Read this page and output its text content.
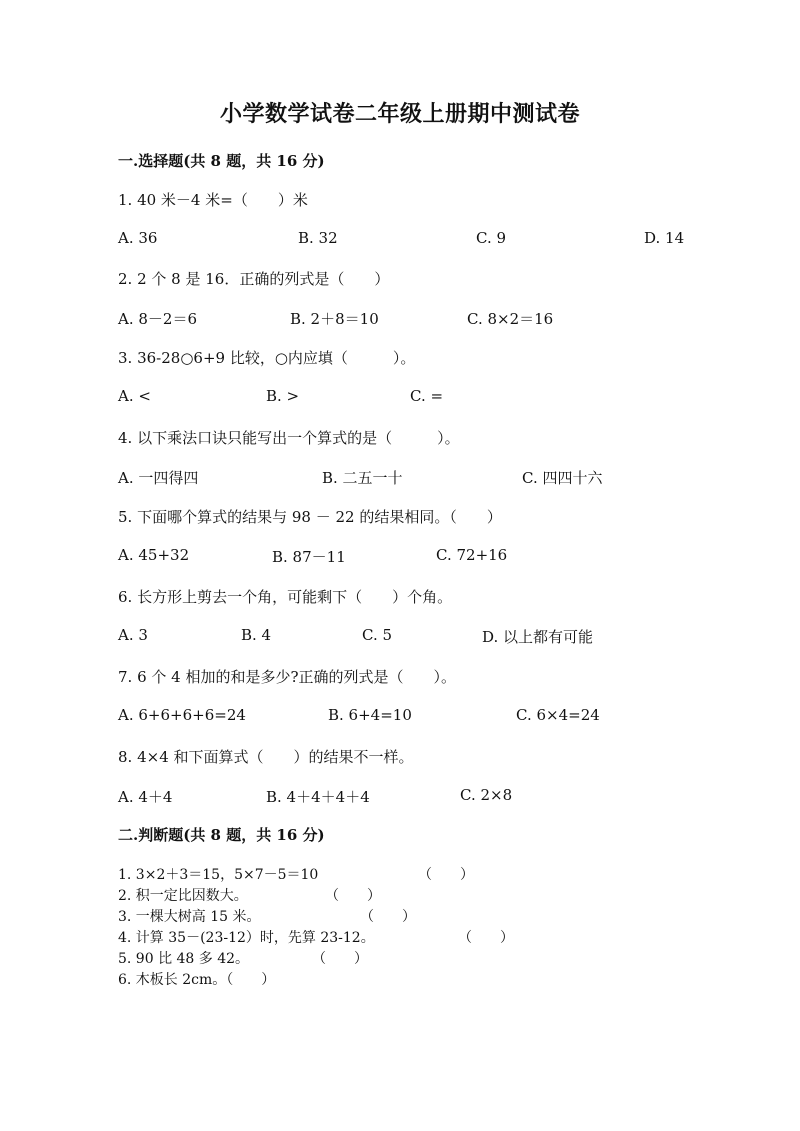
小学数学试卷二年级上册期中测试卷
一.选择题(共 8 题，共 16 分)
1. 40 米－4 米=（　　）米
A. 36	B. 32	C. 9	D. 14
2. 2 个 8 是 16．正确的列式是（　　）
A. 8－2＝6	B. 2＋8＝10	C. 8×2＝16
3. 36-28○6+9 比较，○内应填（　　　）。
A. <	B. >	C. =
4. 以下乘法口诀只能写出一个算式的是（　　　）。
A. 一四得四	B. 二五一十	C. 四四十六
5. 下面哪个算式的结果与 98 － 22 的结果相同。（　　）
A. 45+32	B. 87－11	C. 72+16
6. 长方形上剪去一个角，可能剩下（　　）个角。
A. 3	B. 4	C. 5	D. 以上都有可能
7. 6 个 4 相加的和是多少?正确的列式是（　　）。
A. 6+6+6+6=24	B. 6+4=10	C. 6×4=24
8. 4×4 和下面算式（　　）的结果不一样。
A. 4＋4	B. 4＋4＋4＋4	C. 2×8
二.判断题(共 8 题，共 16 分)
1. 3×2＋3＝15，5×7－5＝10	（　　）
2. 积一定比因数大。	（　　）
3. 一棵大树高 15 米。	（　　）
4. 计算 35－(23-12）时，先算 23-12。	（　　）
5. 90 比 48 多 42。	（　　）
6. 木板长 2cm。（　　）
